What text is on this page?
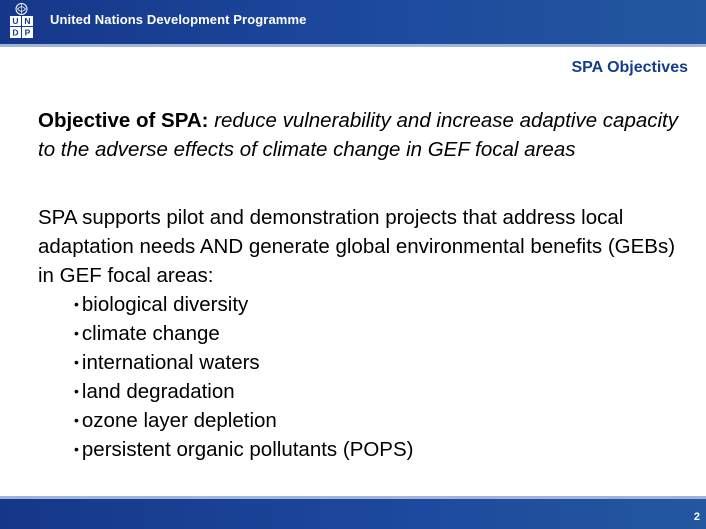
U N
D P
United Nations Development Programme
SPA Objectives
Objective of SPA: reduce vulnerability and increase adaptive capacity to the adverse effects of climate change in GEF focal areas
SPA supports pilot and demonstration projects that address local adaptation needs AND generate global environmental benefits (GEBs) in GEF focal areas:
• biological diversity
• climate change
• international waters
• land degradation
• ozone layer depletion
• persistent organic pollutants (POPS)
2
